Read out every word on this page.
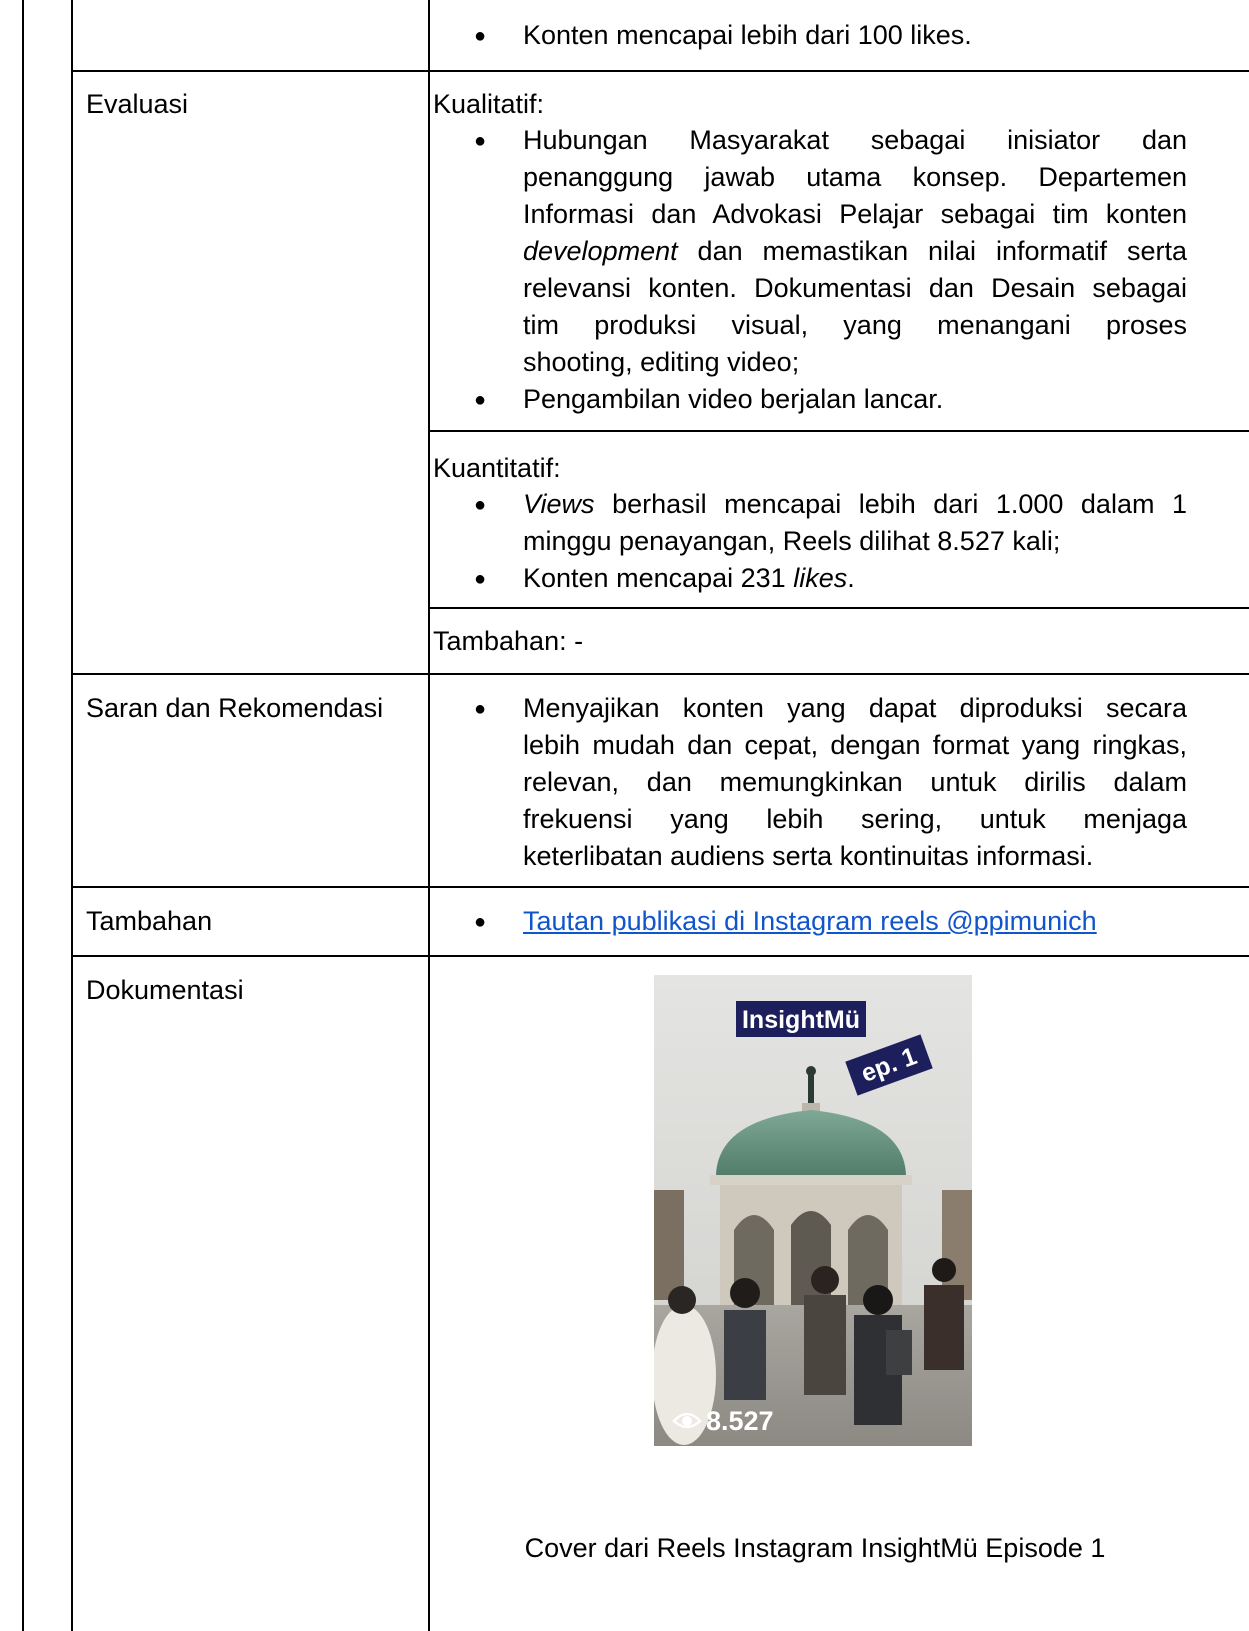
● Konten mencapai lebih dari 100 likes.
Evaluasi	Kualitatif:
● Hubungan Masyarakat sebagai inisiator dan
penanggung jawab utama konsep. Departemen
Informasi dan Advokasi Pelajar sebagai tim konten
development dan memastikan nilai informatif serta
relevansi konten. Dokumentasi dan Desain sebagai
tim produksi visual, yang menangani proses
shooting, editing video;
● Pengambilan video berjalan lancar.
Kuantitatif:
● Views berhasil mencapai lebih dari 1.000 dalam 1
minggu penayangan, Reels dilihat 8.527 kali;
● Konten mencapai 231 likes.
Tambahan: -
Saran dan Rekomendasi	● Menyajikan konten yang dapat diproduksi secara
lebih mudah dan cepat, dengan format yang ringkas,
relevan, dan memungkinkan untuk dirilis dalam
frekuensi yang lebih sering, untuk menjaga
keterlibatan audiens serta kontinuitas informasi.
Tambahan	● Tautan publikasi di Instagram reels @ppimunich
Dokumentasi
InsightMü
ep. 1
8.527
Cover dari Reels Instagram InsightMü Episode 1
